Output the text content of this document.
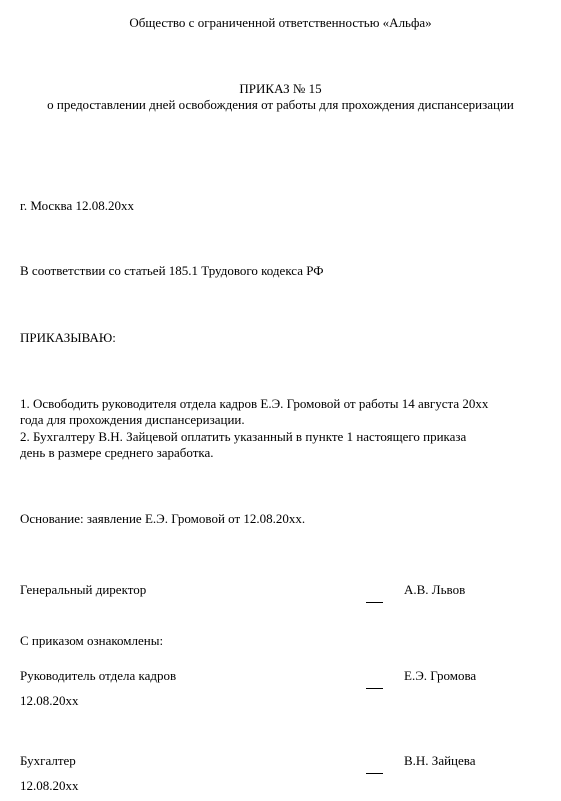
Общество с ограниченной ответственностью «Альфа»

ПРИКАЗ № 15

о предоставлении дней освобождения от работы для прохождения диспансеризации

г. Москва 12.08.20хх

В соответствии со статьей 185.1 Трудового кодекса РФ

ПРИКАЗЫВАЮ:

1. Освободить руководителя отдела кадров Е.Э. Громовой от работы 14 августа 20хх

года для прохождения диспансеризации.

2. Бухгалтеру В.Н. Зайцевой оплатить указанный в пункте 1 настоящего приказа

день в размере среднего заработка.

Основание: заявление Е.Э. Громовой от 12.08.20хх.

Генеральный директор	А.В. Львов

С приказом ознакомлены:

Руководитель отдела кадров

12.08.20хх

Е.Э. Громова

Бухгалтер

12.08.20хх

В.Н. Зайцева
